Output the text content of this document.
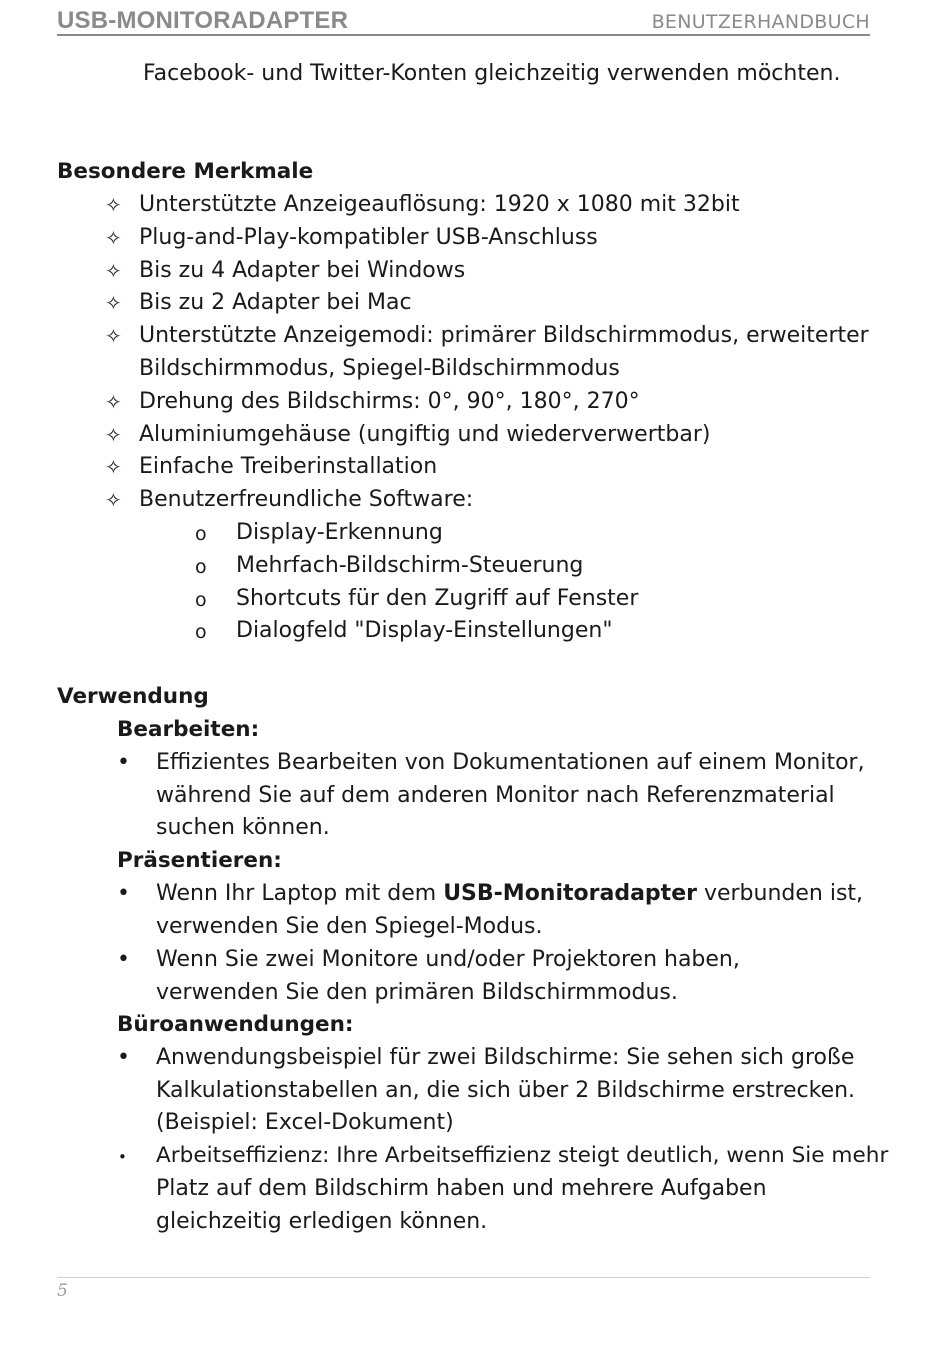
USB-MONITORADAPTER	BENUTZERHANDBUCH
Facebook- und Twitter-Konten gleichzeitig verwenden möchten.
Besondere Merkmale
✧ Unterstützte Anzeigeauflösung: 1920 x 1080 mit 32bit
✧ Plug-and-Play-kompatibler USB-Anschluss
✧ Bis zu 4 Adapter bei Windows
✧ Bis zu 2 Adapter bei Mac
✧ Unterstützte Anzeigemodi: primärer Bildschirmmodus, erweiterter
Bildschirmmodus, Spiegel-Bildschirmmodus
✧ Drehung des Bildschirms: 0°, 90°, 180°, 270°
✧ Aluminiumgehäuse (ungiftig und wiederverwertbar)
✧ Einfache Treiberinstallation
✧ Benutzerfreundliche Software:
o Display-Erkennung
o Mehrfach-Bildschirm-Steuerung
o Shortcuts für den Zugriff auf Fenster
o Dialogfeld "Display-Einstellungen"
Verwendung
Bearbeiten:
• Effizientes Bearbeiten von Dokumentationen auf einem Monitor,
während Sie auf dem anderen Monitor nach Referenzmaterial
suchen können.
Präsentieren:
• Wenn Ihr Laptop mit dem USB-Monitoradapter verbunden ist,
verwenden Sie den Spiegel-Modus.
• Wenn Sie zwei Monitore und/oder Projektoren haben,
verwenden Sie den primären Bildschirmmodus.
Büroanwendungen:
• Anwendungsbeispiel für zwei Bildschirme: Sie sehen sich große
Kalkulationstabellen an, die sich über 2 Bildschirme erstrecken.
(Beispiel: Excel-Dokument)
• Arbeitseffizienz: Ihre Arbeitseffizienz steigt deutlich, wenn Sie mehr
Platz auf dem Bildschirm haben und mehrere Aufgaben
gleichzeitig erledigen können.
5
